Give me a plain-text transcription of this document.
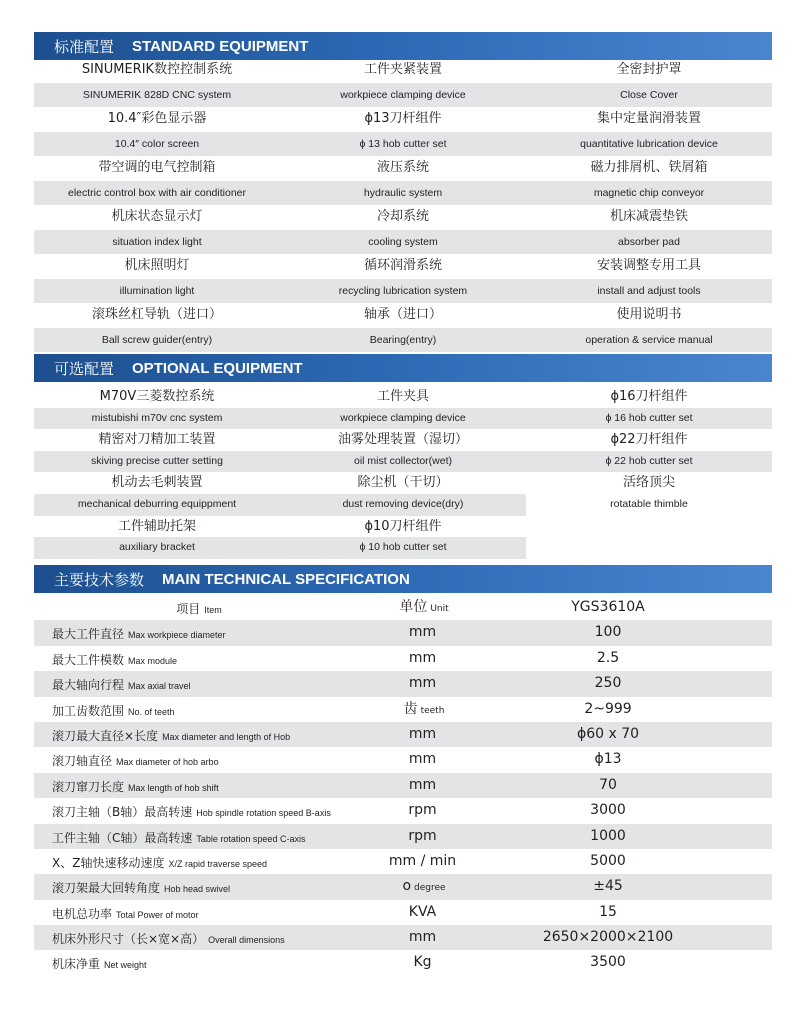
标准配置 STANDARD EQUIPMENT
SINUMERIK数控控制系统	工件夹紧装置	全密封护罩
SINUMERIK 828D CNC system	workpiece clamping device	Close Cover
10.4″彩色显示器	ϕ13刀杆组件	集中定量润滑装置
10.4″ color screen	ϕ 13 hob cutter set	quantitative lubrication device
带空调的电气控制箱	液压系统	磁力排屑机、铁屑箱
electric control box with air conditioner	hydraulic system	magnetic chip conveyor
机床状态显示灯	冷却系统	机床减震垫铁
situation index light	cooling system	absorber pad
机床照明灯	循环润滑系统	安装调整专用工具
illumination light	recycling lubrication system	install and adjust tools
滚珠丝杠导轨（进口）	轴承（进口）	使用说明书
Ball screw guider(entry)	Bearing(entry)	operation & service manual
可选配置 OPTIONAL EQUIPMENT
M70V三菱数控系统	工件夹具	ϕ16刀杆组件
mistubishi m70v cnc system	workpiece clamping device	ϕ 16 hob cutter set
精密对刀精加工装置	油雾处理装置（湿切）	ϕ22刀杆组件
skiving precise cutter setting	oil mist collector(wet)	ϕ 22 hob cutter set
机动去毛刺装置	除尘机（干切）	活络顶尖
mechanical deburring equippment	dust removing device(dry)	rotatable thimble
工件辅助托架	ϕ10刀杆组件
auxiliary bracket	ϕ 10 hob cutter set
主要技术参数 MAIN TECHNICAL SPECIFICATION
项目 Item	单位 Unit	YGS3610A
最大工件直径 Max workpiece diameter	mm	100
最大工件模数 Max module	mm	2.5
最大轴向行程 Max axial travel	mm	250
加工齿数范围 No. of teeth	齿teeth	2~999
滚刀最大直径×长度 Max diameter and length of Hob	mm	ϕ60 x 70
滚刀轴直径 Max diameter of hob arbo	mm	ϕ13
滚刀窜刀长度 Max length of hob shift	mm	70
滚刀主轴（B轴）最高转速 Hob spindle rotation speed B-axis	rpm	3000
工件主轴（C轴）最高转速 Table rotation speed C-axis	rpm	1000
X、Z轴快速移动速度 X/Z rapid traverse speed	mm / min	5000
滚刀架最大回转角度 Hob head swivel	odegree	±45
电机总功率 Total Power of motor	KVA	15
机床外形尺寸（长×宽×高） Overall dimensions	mm	2650×2000×2100
机床净重 Net weight	Kg	3500
